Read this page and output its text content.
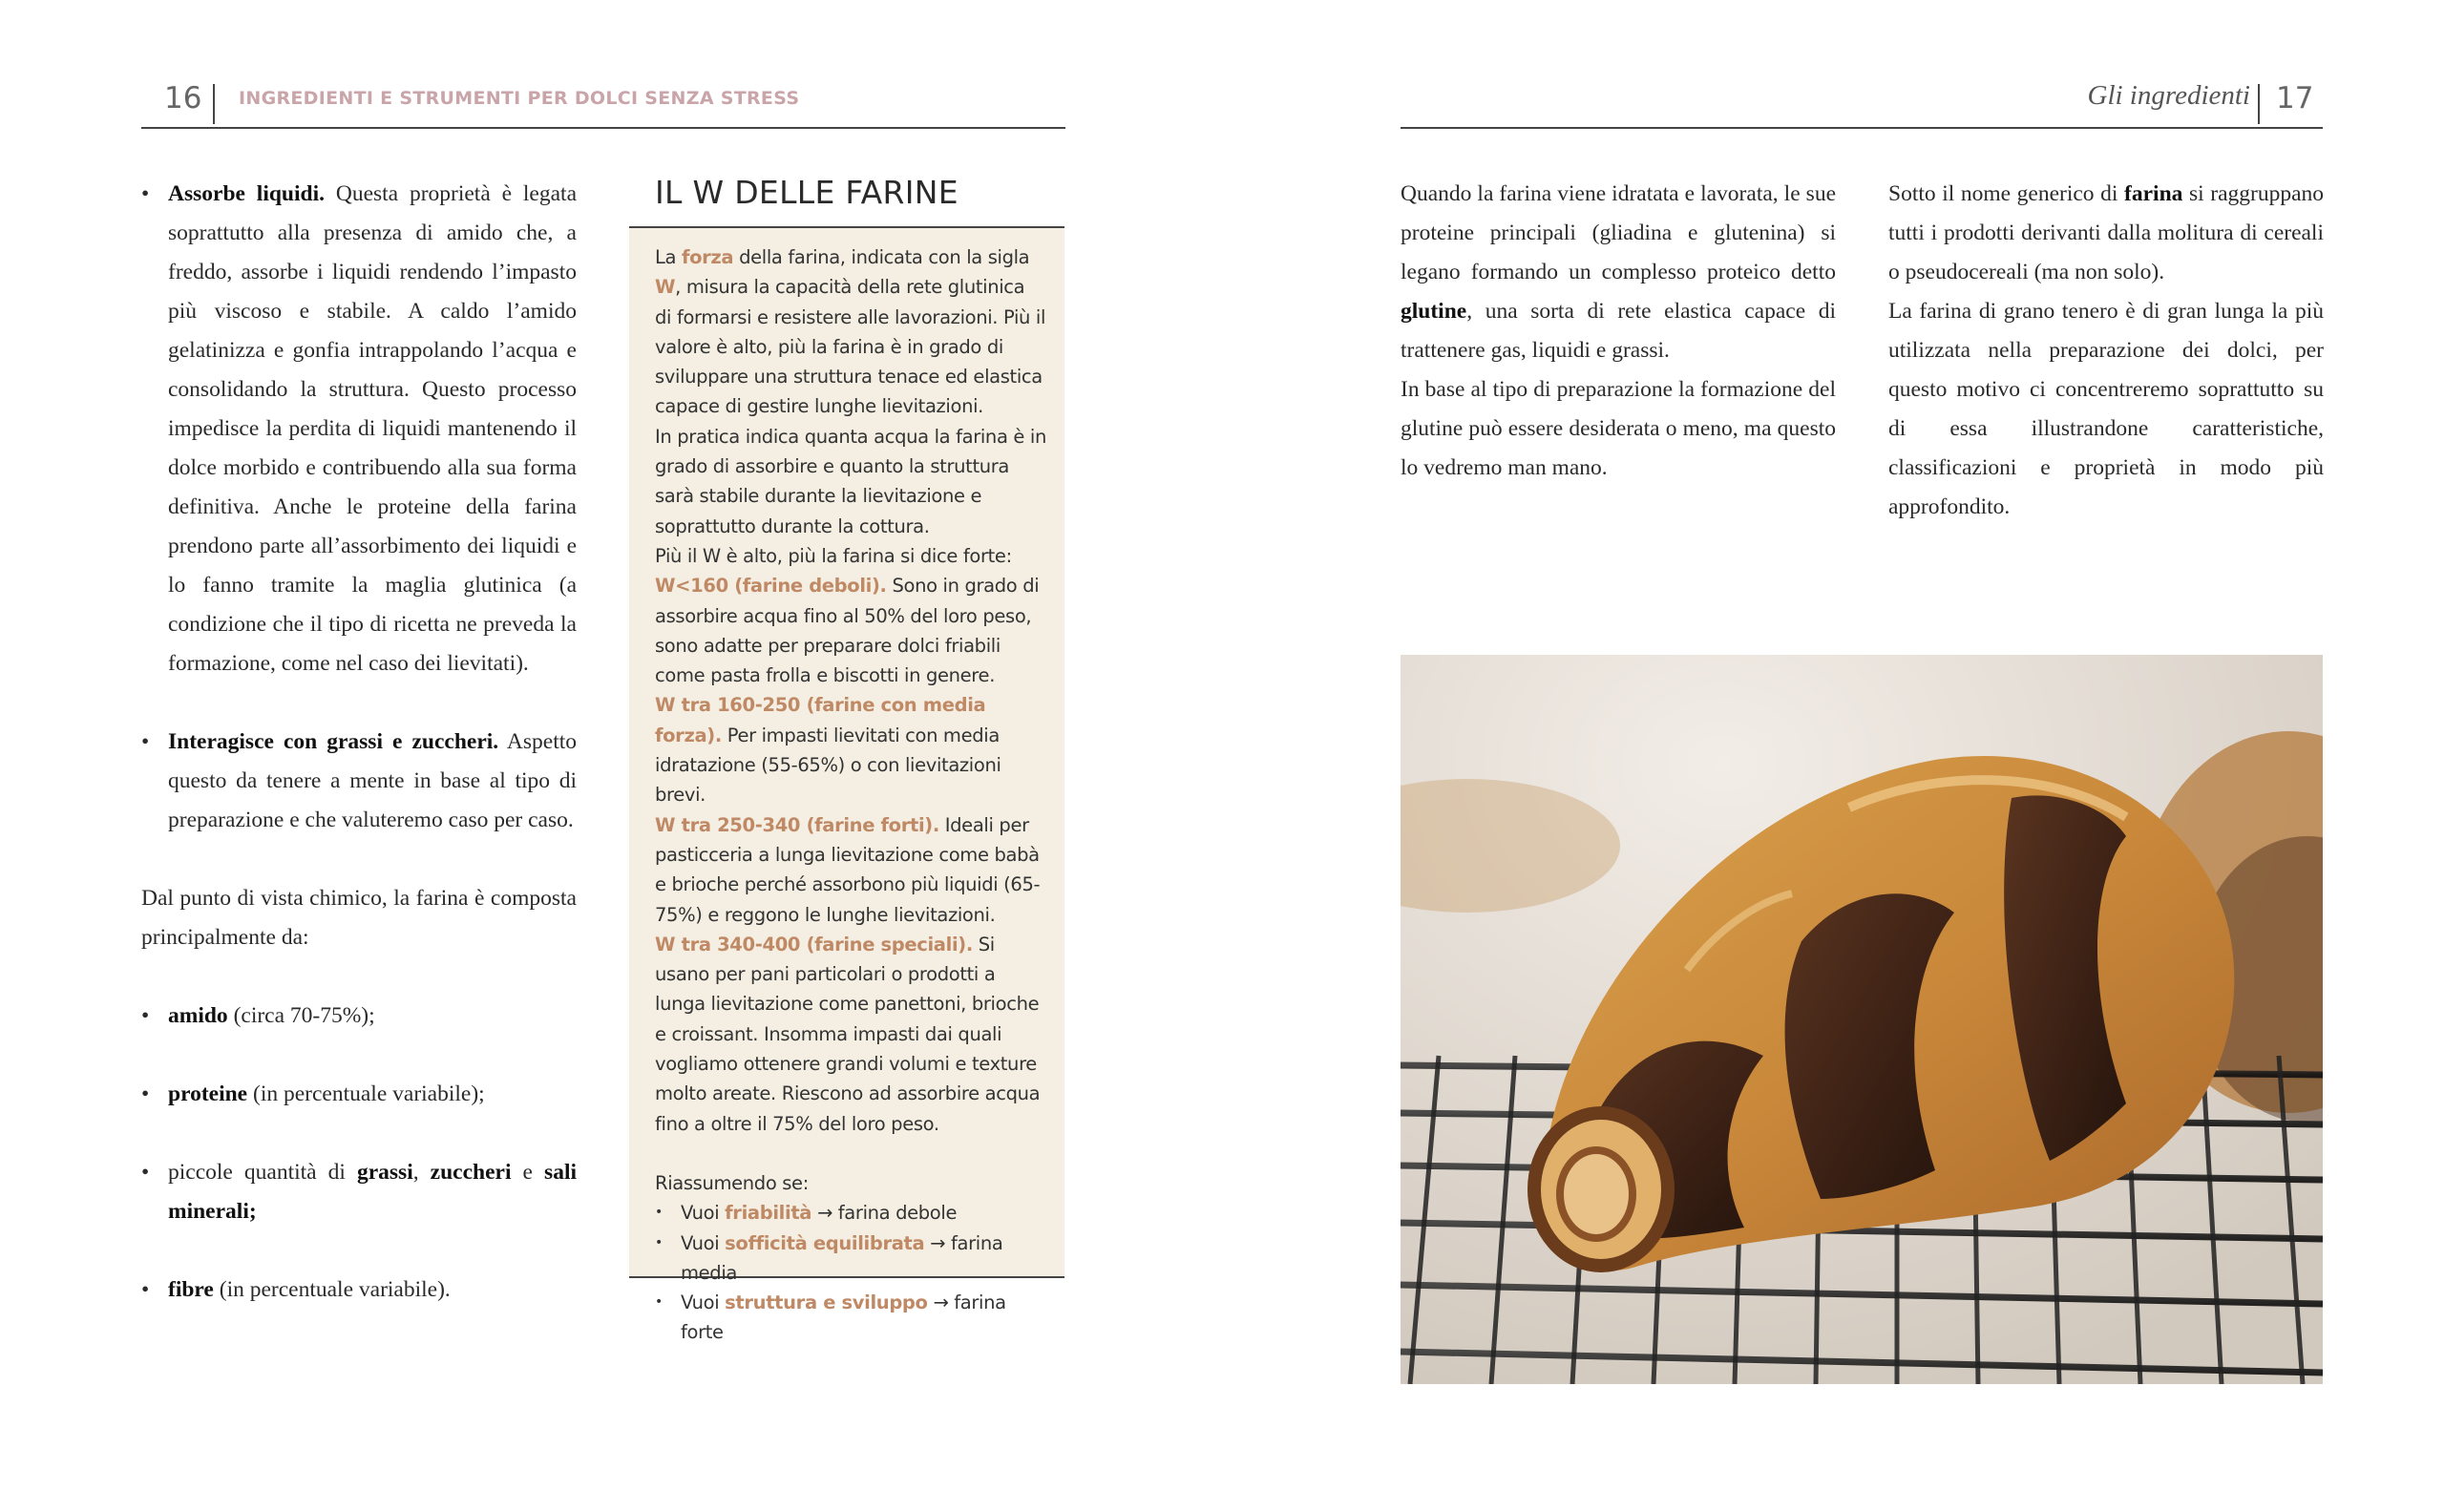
16 INGREDIENTI E STRUMENTI PER DOLCI SENZA STRESS	Gli ingredienti 17

• Assorbe liquidi. Questa proprietà è legata soprattutto alla presenza di amido che, a freddo, assorbe i liquidi rendendo l’impasto più viscoso e stabile. A caldo l’amido gelatinizza e gonfia intrappolando l’acqua e consolidando la struttura. Questo processo impedisce la perdita di liquidi mantenendo il dolce morbido e contribuendo alla sua forma definitiva. Anche le proteine della farina prendono parte all’assorbimento dei liquidi e lo fanno tramite la maglia glutinica (a condizione che il tipo di ricetta ne preveda la formazione, come nel caso dei lievitati).

• Interagisce con grassi e zuccheri. Aspetto questo da tenere a mente in base al tipo di preparazione e che valuteremo caso per caso.

Dal punto di vista chimico, la farina è composta principalmente da:

• amido (circa 70-75%);

• proteine (in percentuale variabile);

• piccole quantità di grassi, zuccheri e sali minerali;

• fibre (in percentuale variabile).

IL W DELLE FARINE

La forza della farina, indicata con la sigla W, misura la capacità della rete glutinica di formarsi e resistere alle lavorazioni. Più il valore è alto, più la farina è in grado di sviluppare una struttura tenace ed elastica capace di gestire lunghe lievitazioni.

In pratica indica quanta acqua la farina è in grado di assorbire e quanto la struttura sarà stabile durante la lievitazione e soprattutto durante la cottura.

Più il W è alto, più la farina si dice forte:

W<160 (farine deboli). Sono in grado di assorbire acqua fino al 50% del loro peso, sono adatte per preparare dolci friabili come pasta frolla e biscotti in genere.

W tra 160-250 (farine con media forza). Per impasti lievitati con media idratazione (55-65%) o con lievitazioni brevi.

W tra 250-340 (farine forti). Ideali per pasticceria a lunga lievitazione come babà e brioche perché assorbono più liquidi (65-75%) e reggono le lunghe lievitazioni.

W tra 340-400 (farine speciali). Si usano per pani particolari o prodotti a lunga lievitazione come panettoni, brioche e croissant. Insomma impasti dai quali vogliamo ottenere grandi volumi e texture molto areate. Riescono ad assorbire acqua fino a oltre il 75% del loro peso.

Riassumendo se:

• Vuoi friabilità → farina debole
• Vuoi sofficità equilibrata → farina media
• Vuoi struttura e sviluppo → farina forte

Quando la farina viene idratata e lavorata, le sue proteine principali (gliadina e glutenina) si legano formando un complesso proteico detto glutine, una sorta di rete elastica capace di trattenere gas, liquidi e grassi.

In base al tipo di preparazione la formazione del glutine può essere desiderata o meno, ma questo lo vedremo man mano.

Sotto il nome generico di farina si raggruppano tutti i prodotti derivanti dalla molitura di cereali o pseudocereali (ma non solo).

La farina di grano tenero è di gran lunga la più utilizzata nella preparazione dei dolci, per questo motivo ci concentreremo soprattutto su di essa illustrandone caratteristiche, classificazioni e proprietà in modo più approfondito.
